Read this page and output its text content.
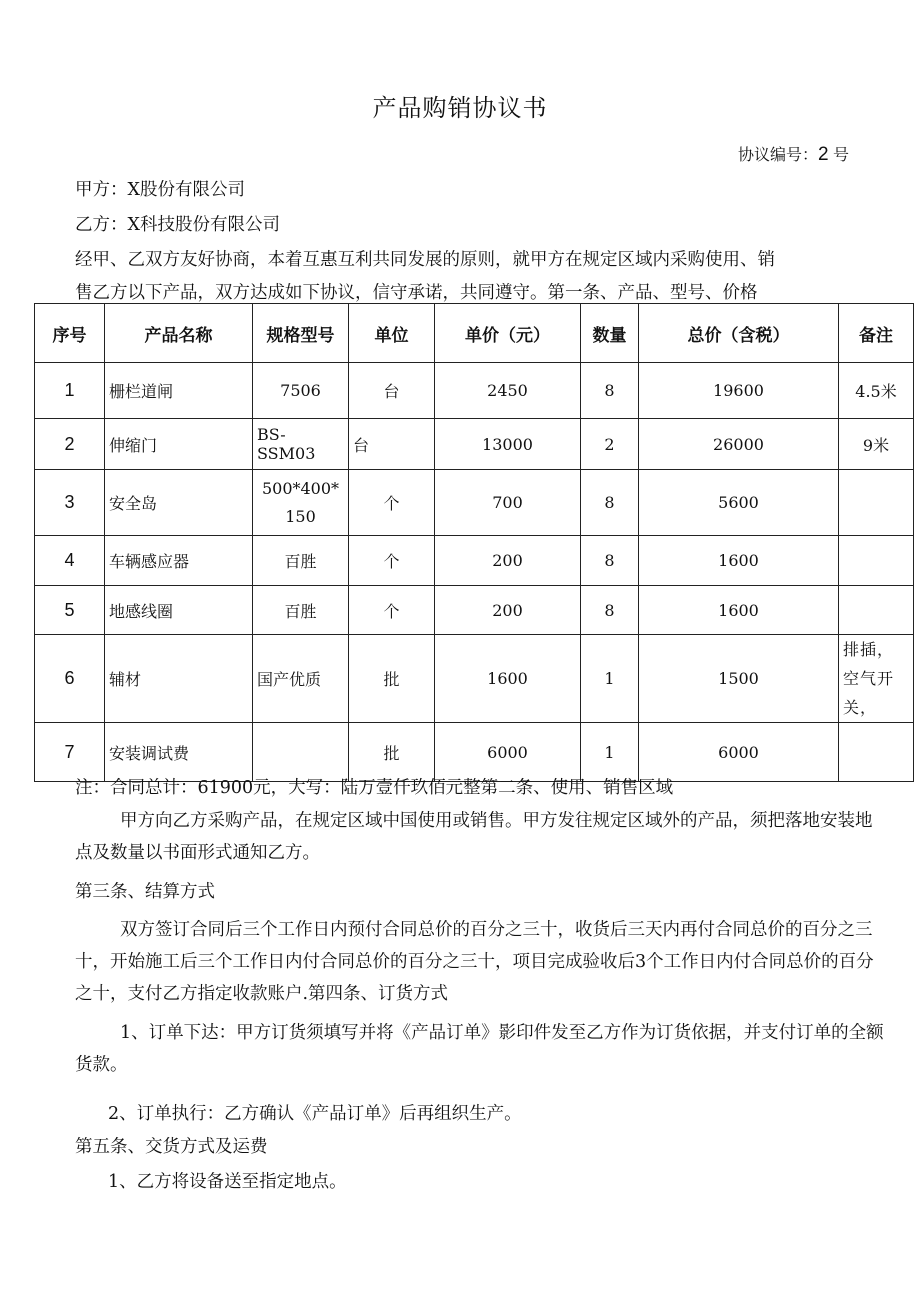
产品购销协议书
协议编号：2 号
甲方：X股份有限公司
乙方：X科技股份有限公司
经甲、乙双方友好协商，本着互惠互利共同发展的原则，就甲方在规定区域内采购使用、销
售乙方以下产品，双方达成如下协议，信守承诺，共同遵守。第一条、产品、型号、价格
序号	产品名称	规格型号	单位	单价（元）	数量	总价（含税）	备注
1	栅栏道闸	7506	台	2450	8	19600	4.5米
2	伸缩门	BS-SSM03	台	13000	2	26000	9米
3	安全岛	500*400*150	个	700	8	5600	
4	车辆感应器	百胜	个	200	8	1600	
5	地感线圈	百胜	个	200	8	1600	
6	辅材	国产优质	批	1600	1	1500	排插，空气开关，
7	安装调试费		批	6000	1	6000	
注：合同总计：61900元，大写：陆万壹仟玖佰元整第二条、使用、销售区域
甲方向乙方采购产品，在规定区域中国使用或销售。甲方发往规定区域外的产品，须把落地安装地点及数量以书面形式通知乙方。
第三条、结算方式
双方签订合同后三个工作日内预付合同总价的百分之三十，收货后三天内再付合同总价的百分之三十，开始施工后三个工作日内付合同总价的百分之三十，项目完成验收后3个工作日内付合同总价的百分之十，支付乙方指定收款账户.第四条、订货方式
1、订单下达：甲方订货须填写并将《产品订单》影印件发至乙方作为订货依据，并支付订单的全额货款。
2、订单执行：乙方确认《产品订单》后再组织生产。
第五条、交货方式及运费
1、乙方将设备送至指定地点。
